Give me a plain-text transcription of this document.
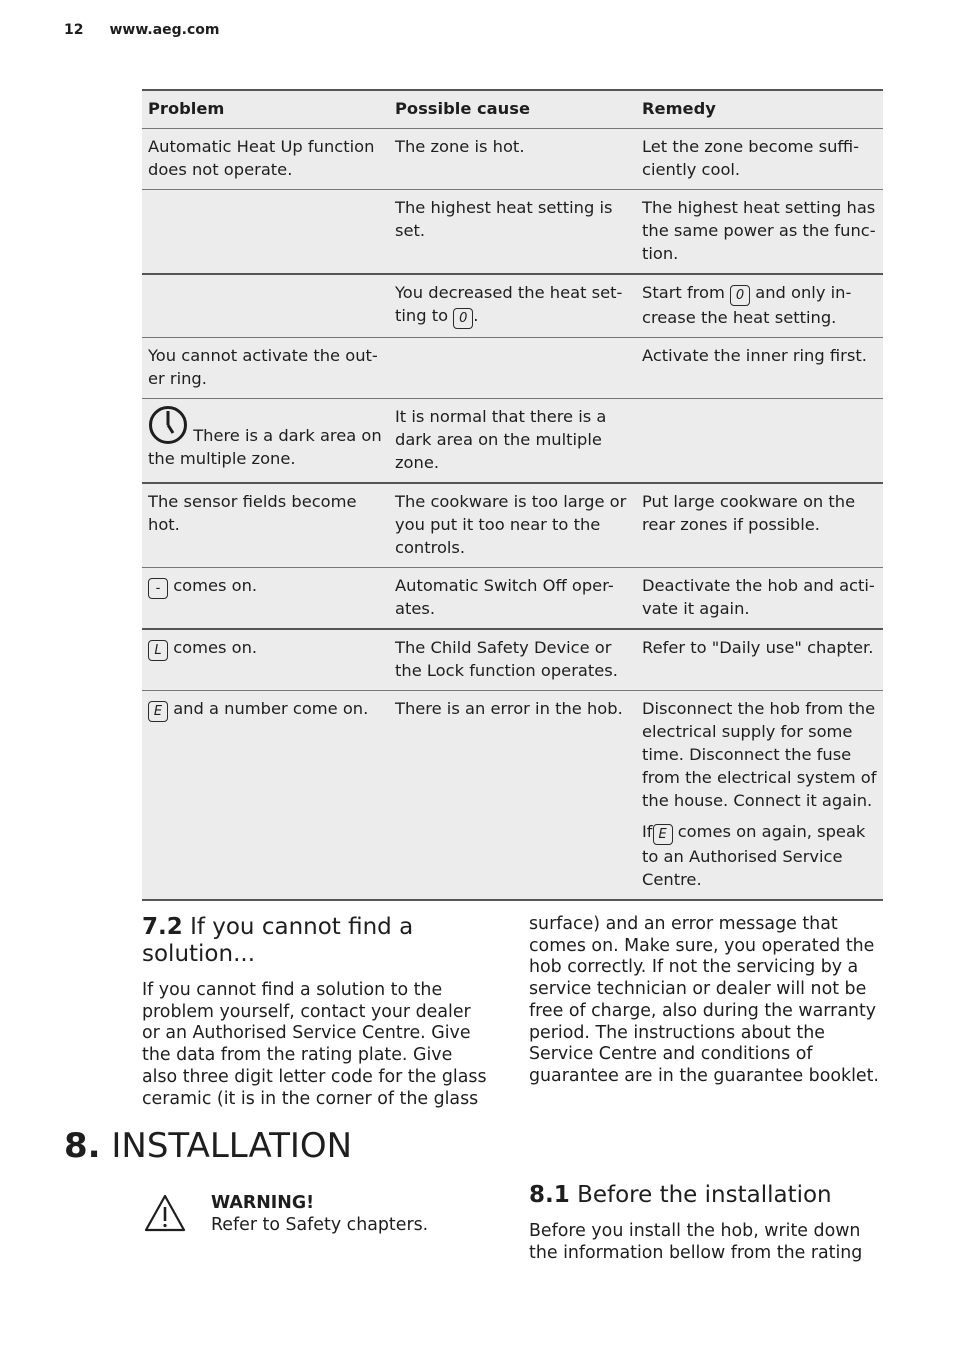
12 www.aeg.com
Problem	Possible cause	Remedy
Automatic Heat Up function does not operate.	The zone is hot.	Let the zone become suffi-ciently cool.
	The highest heat setting is set.	The highest heat setting has the same power as the func-tion.
	You decreased the heat set-ting to 0 .	Start from 0 and only in-crease the heat setting.
You cannot activate the out-er ring.		Activate the inner ring first.
There is a dark area on the multiple zone.	It is normal that there is a dark area on the multiple zone.	
The sensor fields become hot.	The cookware is too large or you put it too near to the controls.	Put large cookware on the rear zones if possible.
- comes on.	Automatic Switch Off oper-ates.	Deactivate the hob and acti-vate it again.
L comes on.	The Child Safety Device or the Lock function operates.	Refer to "Daily use" chapter.
E and a number come on.	There is an error in the hob.	Disconnect the hob from the electrical supply for some time. Disconnect the fuse from the electrical system of the house. Connect it again.
If E comes on again, speak to an Authorised Service Centre.
7.2 If you cannot find a solution...
If you cannot find a solution to the problem yourself, contact your dealer or an Authorised Service Centre. Give the data from the rating plate. Give also three digit letter code for the glass ceramic (it is in the corner of the glass
surface) and an error message that comes on. Make sure, you operated the hob correctly. If not the servicing by a service technician or dealer will not be free of charge, also during the warranty period. The instructions about the Service Centre and conditions of guarantee are in the guarantee booklet.
8. INSTALLATION
WARNING!
Refer to Safety chapters.
8.1 Before the installation
Before you install the hob, write down the information bellow from the rating
